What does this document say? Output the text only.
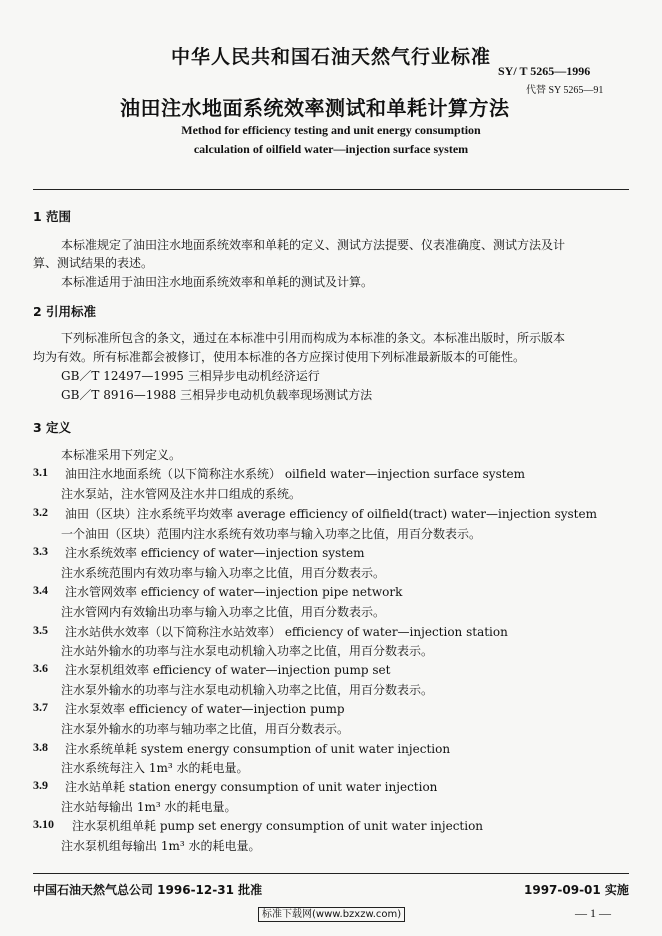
中华人民共和国石油天然气行业标准
SY/ T 5265—1996
代替 SY 5265—91
油田注水地面系统效率测试和单耗计算方法
Method for efficiency testing and unit energy consumption
calculation of oilfield water—injection surface system
1 范围
本标准规定了油田注水地面系统效率和单耗的定义、测试方法提要、仪表准确度、测试方法及计
算、测试结果的表述。
本标准适用于油田注水地面系统效率和单耗的测试及计算。
2 引用标准
下列标准所包含的条文，通过在本标准中引用而构成为本标准的条文。本标准出版时，所示版本
均为有效。所有标准都会被修订，使用本标准的各方应探讨使用下列标准最新版本的可能性。
GB／T 12497—1995 三相异步电动机经济运行
GB／T 8916—1988 三相异步电动机负载率现场测试方法
3 定义
本标准采用下列定义。
3.1 油田注水地面系统（以下简称注水系统） oilfield water—injection surface system
注水泵站，注水管网及注水井口组成的系统。
3.2 油田（区块）注水系统平均效率 average efficiency of oilfield(tract) water—injection system
一个油田（区块）范围内注水系统有效功率与输入功率之比值，用百分数表示。
3.3 注水系统效率 efficiency of water—injection system
注水系统范围内有效功率与输入功率之比值，用百分数表示。
3.4 注水管网效率 efficiency of water—injection pipe network
注水管网内有效输出功率与输入功率之比值，用百分数表示。
3.5 注水站供水效率（以下简称注水站效率） efficiency of water—injection station
注水站外输水的功率与注水泵电动机输入功率之比值，用百分数表示。
3.6 注水泵机组效率 efficiency of water—injection pump set
注水泵外输水的功率与注水泵电动机输入功率之比值，用百分数表示。
3.7 注水泵效率 efficiency of water—injection pump
注水泵外输水的功率与轴功率之比值，用百分数表示。
3.8 注水系统单耗 system energy consumption of unit water injection
注水系统每注入 1m³ 水的耗电量。
3.9 注水站单耗 station energy consumption of unit water injection
注水站每输出 1m³ 水的耗电量。
3.10 注水泵机组单耗 pump set energy consumption of unit water injection
注水泵机组每输出 1m³ 水的耗电量。
中国石油天然气总公司 1996-12-31 批准	1997-09-01 实施
标准下载网(www.bzxzw.com)	— 1 —
